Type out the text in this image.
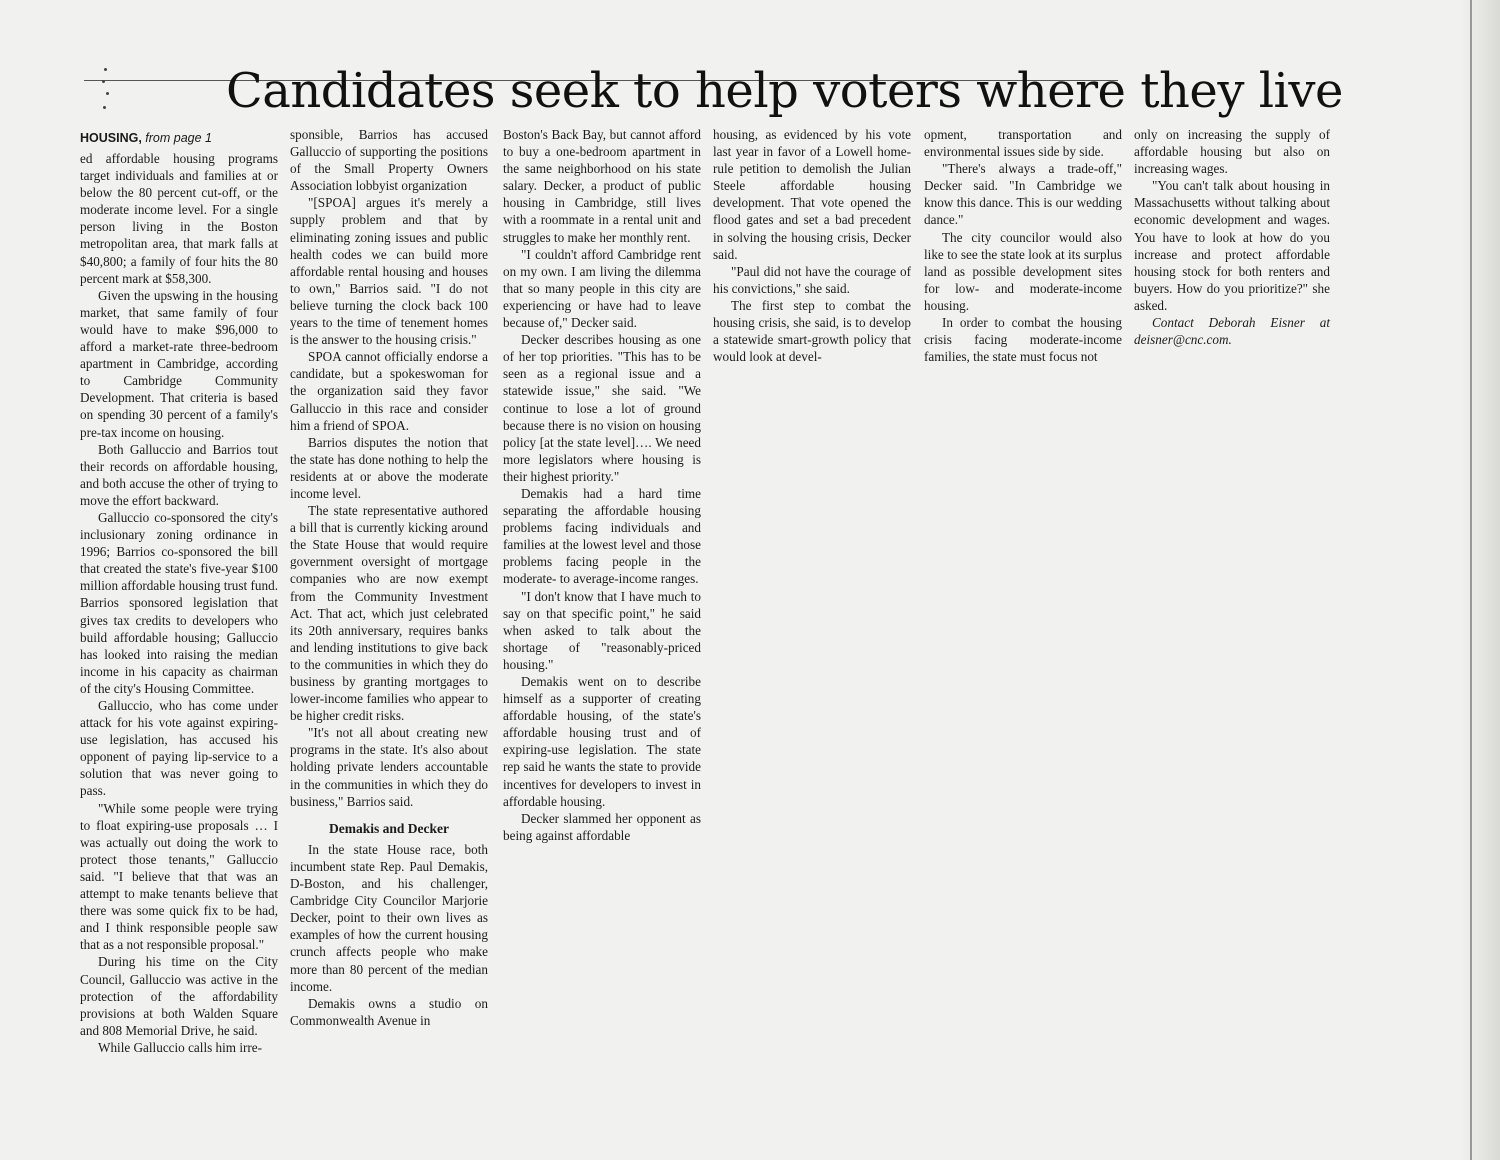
Candidates seek to help voters where they live
HOUSING, from page 1

ed affordable housing programs target individuals and families at or below the 80 percent cut-off, or the moderate income level. For a single person living in the Boston metropolitan area, that mark falls at $40,800; a family of four hits the 80 percent mark at $58,300.

Given the upswing in the housing market, that same family of four would have to make $96,000 to afford a market-rate three-bedroom apartment in Cambridge, according to Cambridge Community Development. That criteria is based on spending 30 percent of a family's pre-tax income on housing.

Both Galluccio and Barrios tout their records on affordable housing, and both accuse the other of trying to move the effort backward.

Galluccio co-sponsored the city's inclusionary zoning ordinance in 1996; Barrios co-sponsored the bill that created the state's five-year $100 million affordable housing trust fund. Barrios sponsored legislation that gives tax credits to developers who build affordable housing; Galluccio has looked into raising the median income in his capacity as chairman of the city's Housing Committee.

Galluccio, who has come under attack for his vote against expiring-use legislation, has accused his opponent of paying lip-service to a solution that was never going to pass.

"While some people were trying to float expiring-use proposals … I was actually out doing the work to protect those tenants," Galluccio said. "I believe that that was an attempt to make tenants believe that there was some quick fix to be had, and I think responsible people saw that as a not responsible proposal."

During his time on the City Council, Galluccio was active in the protection of the affordability provisions at both Walden Square and 808 Memorial Drive, he said.

While Galluccio calls him irre-

sponsible, Barrios has accused Galluccio of supporting the positions of the Small Property Owners Association lobbyist organization

"[SPOA] argues it's merely a supply problem and that by eliminating zoning issues and public health codes we can build more affordable rental housing and houses to own," Barrios said. "I do not believe turning the clock back 100 years to the time of tenement homes is the answer to the housing crisis."

SPOA cannot officially endorse a candidate, but a spokeswoman for the organization said they favor Galluccio in this race and consider him a friend of SPOA.

Barrios disputes the notion that the state has done nothing to help the residents at or above the moderate income level.

The state representative authored a bill that is currently kicking around the State House that would require government oversight of mortgage companies who are now exempt from the Community Investment Act. That act, which just celebrated its 20th anniversary, requires banks and lending institutions to give back to the communities in which they do business by granting mortgages to lower-income families who appear to be higher credit risks.

"It's not all about creating new programs in the state. It's also about holding private lenders accountable in the communities in which they do business," Barrios said.

Demakis and Decker

In the state House race, both incumbent state Rep. Paul Demakis, D-Boston, and his challenger, Cambridge City Councilor Marjorie Decker, point to their own lives as examples of how the current housing crunch affects people who make more than 80 percent of the median income.

Demakis owns a studio on Commonwealth Avenue in

Boston's Back Bay, but cannot afford to buy a one-bedroom apartment in the same neighborhood on his state salary. Decker, a product of public housing in Cambridge, still lives with a roommate in a rental unit and struggles to make her monthly rent.

"I couldn't afford Cambridge rent on my own. I am living the dilemma that so many people in this city are experiencing or have had to leave because of," Decker said.

Decker describes housing as one of her top priorities. "This has to be seen as a regional issue and a statewide issue," she said. "We continue to lose a lot of ground because there is no vision on housing policy [at the state level]…. We need more legislators where housing is their highest priority."

Demakis had a hard time separating the affordable housing problems facing individuals and families at the lowest level and those problems facing people in the moderate- to average-income ranges.

"I don't know that I have much to say on that specific point," he said when asked to talk about the shortage of "reasonably-priced housing."

Demakis went on to describe himself as a supporter of creating affordable housing, of the state's affordable housing trust and of expiring-use legislation. The state rep said he wants the state to provide incentives for developers to invest in affordable housing.

Decker slammed her opponent as being against affordable

housing, as evidenced by his vote last year in favor of a Lowell home-rule petition to demolish the Julian Steele affordable housing development. That vote opened the flood gates and set a bad precedent in solving the housing crisis, Decker said.

"Paul did not have the courage of his convictions," she said.

The first step to combat the housing crisis, she said, is to develop a statewide smart-growth policy that would look at devel-

opment, transportation and environmental issues side by side.

"There's always a trade-off," Decker said. "In Cambridge we know this dance. This is our wedding dance."

The city councilor would also like to see the state look at its surplus land as possible development sites for low- and moderate-income housing.

In order to combat the housing crisis facing moderate-income families, the state must focus not

only on increasing the supply of affordable housing but also on increasing wages.

"You can't talk about housing in Massachusetts without talking about economic development and wages. You have to look at how do you increase and protect affordable housing stock for both renters and buyers. How do you prioritize?" she asked.

Contact Deborah Eisner at deisner@cnc.com.
